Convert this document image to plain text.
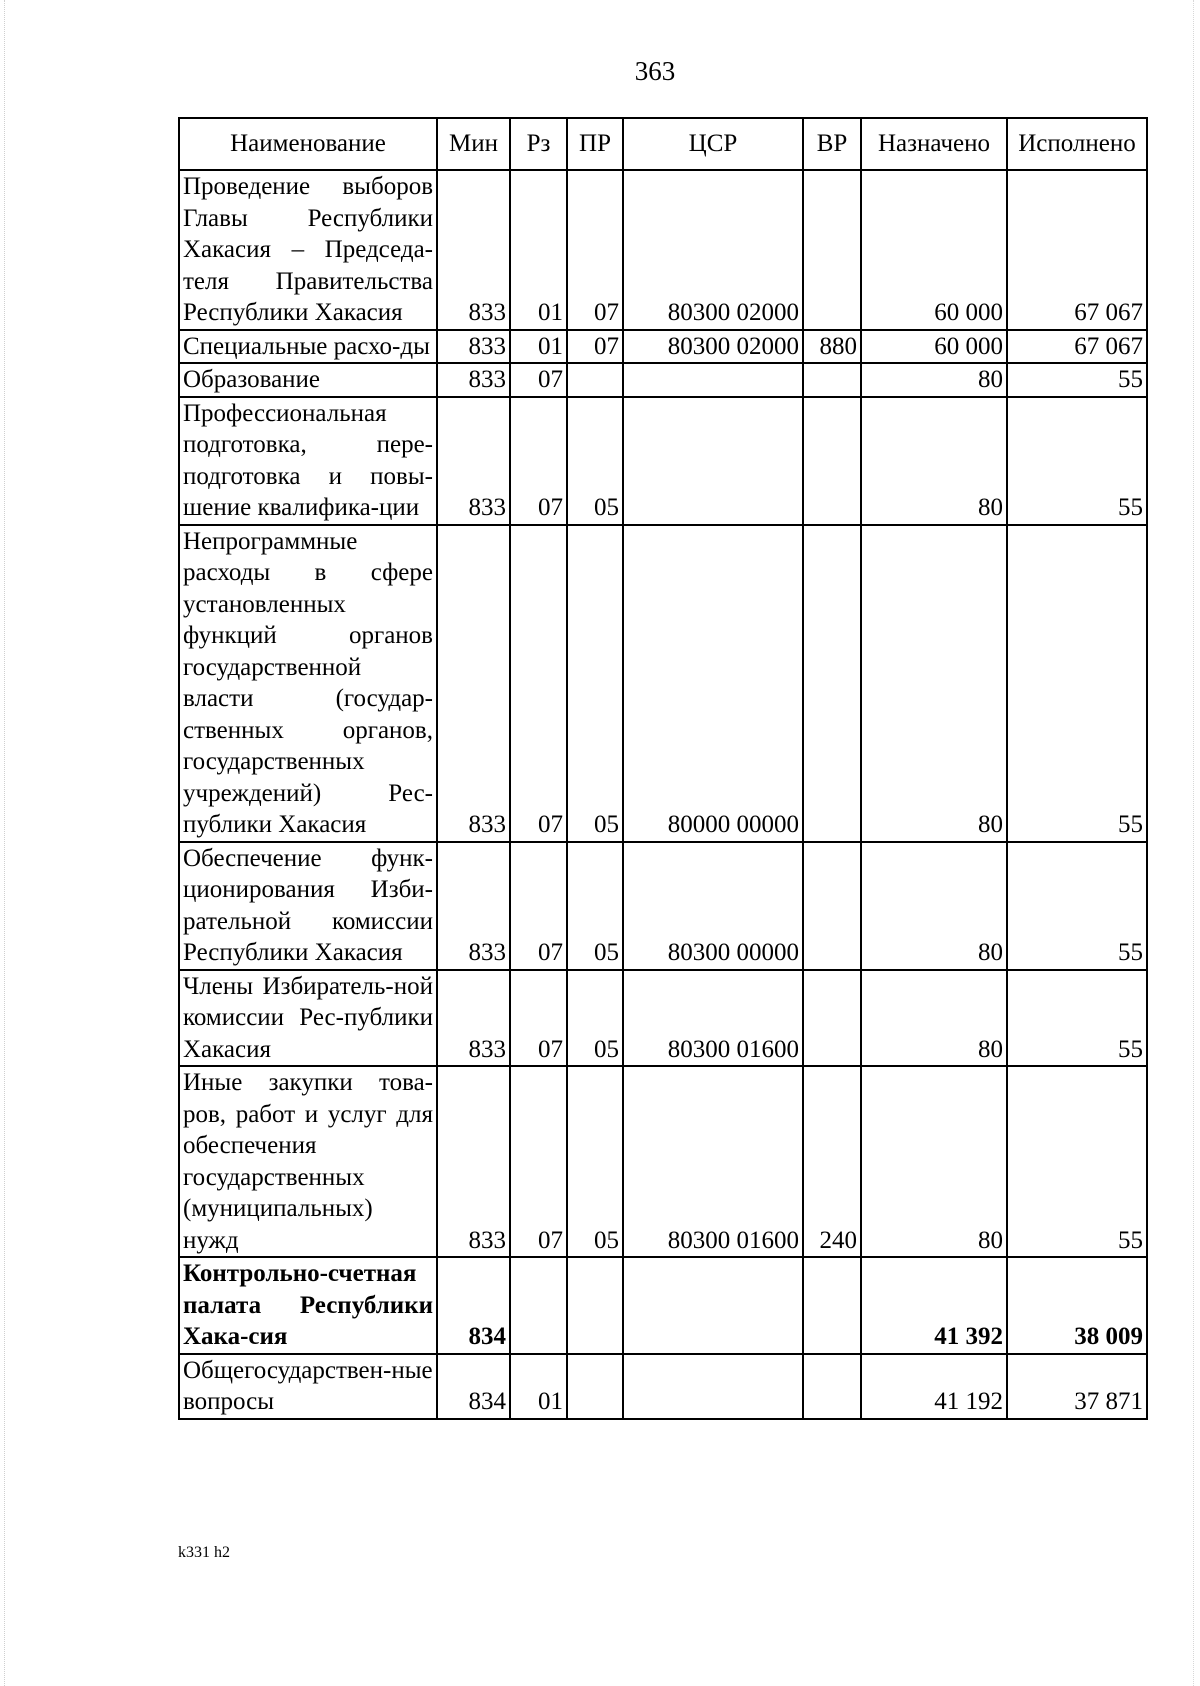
363
Наименование	Мин	Рз	ПР	ЦСР	ВР	Назначено	Исполнено
Проведение выборов Главы Республики Хакасия – Председа-теля Правительства Республики Хакасия	833	01	07	80300 02000		60 000	67 067
Специальные расхо-ды	833	01	07	80300 02000	880	60 000	67 067
Образование	833	07				80	55
Профессиональная подготовка, пере-подготовка и повы-шение квалифика-ции	833	07	05			80	55
Непрограммные расходы в сфере установленных функций органов государственной власти (государ-ственных органов, государственных учреждений) Рес-публики Хакасия	833	07	05	80000 00000		80	55
Обеспечение функ-ционирования Изби-рательной комиссии Республики Хакасия	833	07	05	80300 00000		80	55
Члены Избиратель-ной комиссии Рес-публики Хакасия	833	07	05	80300 01600		80	55
Иные закупки това-ров, работ и услуг для обеспечения государственных (муниципальных) нужд	833	07	05	80300 01600	240	80	55
Контрольно-счетная палата Республики Хака-сия	834					41 392	38 009
Общегосударствен-ные вопросы	834	01				41 192	37 871
k331 h2
